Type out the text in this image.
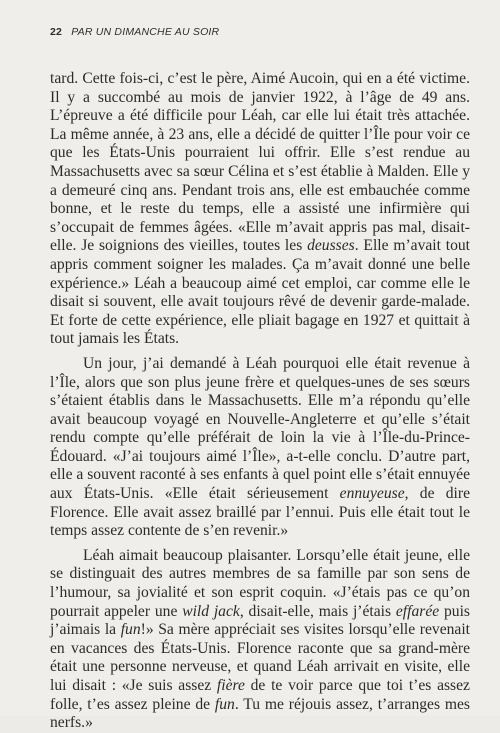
22 PAR UN DIMANCHE AU SOIR

tard. Cette fois-ci, c’est le père, Aimé Aucoin, qui en a été victime. Il y a succombé au mois de janvier 1922, à l’âge de 49 ans. L’épreuve a été difficile pour Léah, car elle lui était très attachée. La même année, à 23 ans, elle a décidé de quitter l’Île pour voir ce que les États-Unis pourraient lui offrir. Elle s’est rendue au Massachusetts avec sa sœur Célina et s’est établie à Malden. Elle y a demeuré cinq ans. Pendant trois ans, elle est embauchée comme bonne, et le reste du temps, elle a assisté une infirmière qui s’occupait de femmes âgées. «Elle m’avait appris pas mal, disait-elle. Je soignions des vieilles, toutes les deusses. Elle m’avait tout appris comment soigner les malades. Ça m’avait donné une belle expérience.» Léah a beaucoup aimé cet emploi, car comme elle le disait si souvent, elle avait toujours rêvé de devenir garde-malade. Et forte de cette expérience, elle pliait bagage en 1927 et quittait à tout jamais les États.

Un jour, j’ai demandé à Léah pourquoi elle était revenue à l’Île, alors que son plus jeune frère et quelques-unes de ses sœurs s’étaient établis dans le Massachusetts. Elle m’a répondu qu’elle avait beaucoup voyagé en Nouvelle-Angleterre et qu’elle s’était rendu compte qu’elle préférait de loin la vie à l’Île-du-Prince-Édouard. «J’ai toujours aimé l’Île», a-t-elle conclu. D’autre part, elle a souvent raconté à ses enfants à quel point elle s’était ennuyée aux États-Unis. «Elle était sérieusement ennuyeuse, de dire Florence. Elle avait assez braillé par l’ennui. Puis elle était tout le temps assez contente de s’en revenir.»

Léah aimait beaucoup plaisanter. Lorsqu’elle était jeune, elle se distinguait des autres membres de sa famille par son sens de l’humour, sa jovialité et son esprit coquin. «J’étais pas ce qu’on pourrait appeler une wild jack, disait-elle, mais j’étais effarée puis j’aimais la fun!» Sa mère appréciait ses visites lorsqu’elle revenait en vacances des États-Unis. Florence raconte que sa grand-mère était une personne nerveuse, et quand Léah arrivait en visite, elle lui disait : «Je suis assez fière de te voir parce que toi t’es assez folle, t’es assez pleine de fun. Tu me réjouis assez, t’arranges mes nerfs.»
